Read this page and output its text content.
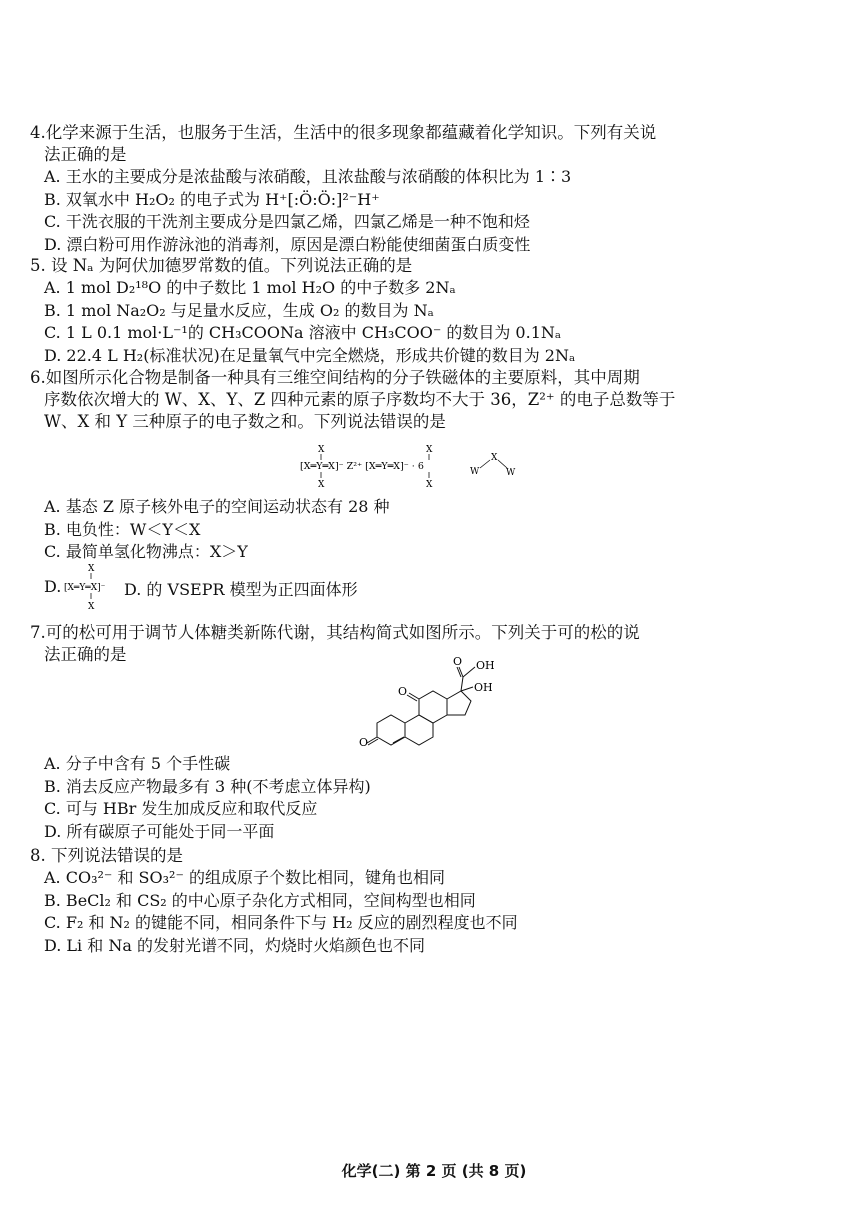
4.化学来源于生活，也服务于生活，生活中的很多现象都蕴藏着化学知识。下列有关说

法正确的是

A. 王水的主要成分是浓盐酸与浓硝酸，且浓盐酸与浓硝酸的体积比为 1∶3

B. 双氧水中 H₂O₂ 的电子式为 H⁺[:Ö:Ö:]²⁻H⁺

C. 干洗衣服的干洗剂主要成分是四氯乙烯，四氯乙烯是一种不饱和烃

D. 漂白粉可用作游泳池的消毒剂，原因是漂白粉能使细菌蛋白质变性

5. 设 Nₐ 为阿伏加德罗常数的值。下列说法正确的是

A. 1 mol D₂¹⁸O 的中子数比 1 mol H₂O 的中子数多 2Nₐ

B. 1 mol Na₂O₂ 与足量水反应，生成 O₂ 的数目为 Nₐ

C. 1 L 0.1 mol·L⁻¹的 CH₃COONa 溶液中 CH₃COO⁻ 的数目为 0.1Nₐ

D. 22.4 L H₂(标准状况)在足量氧气中完全燃烧，形成共价键的数目为 2Nₐ

6.如图所示化合物是制备一种具有三维空间结构的分子铁磁体的主要原料，其中周期

序数依次增大的 W、X、Y、Z 四种元素的原子序数均不大于 36，Z²⁺ 的电子总数等于

W、X 和 Y 三种原子的电子数之和。下列说法错误的是

X
[X═Y═X]⁻ Z²⁺ [X═Y═X]⁻ · 6
X
X
X
W
X
W

A. 基态 Z 原子核外电子的空间运动状态有 28 种

B. 电负性：W＜Y＜X

C. 最简单氢化物沸点：X＞Y

D.
X
[X═Y═X]⁻
X
D. 的 VSEPR 模型为正四面体形

7.可的松可用于调节人体糖类新陈代谢，其结构简式如图所示。下列关于可的松的说

法正确的是

O
O
O OH
OH

A. 分子中含有 5 个手性碳

B. 消去反应产物最多有 3 种(不考虑立体异构)

C. 可与 HBr 发生加成反应和取代反应

D. 所有碳原子可能处于同一平面

8. 下列说法错误的是

A. CO₃²⁻ 和 SO₃²⁻ 的组成原子个数比相同，键角也相同

B. BeCl₂ 和 CS₂ 的中心原子杂化方式相同，空间构型也相同

C. F₂ 和 N₂ 的键能不同，相同条件下与 H₂ 反应的剧烈程度也不同

D. Li 和 Na 的发射光谱不同，灼烧时火焰颜色也不同

化学(二) 第 2 页 (共 8 页)
